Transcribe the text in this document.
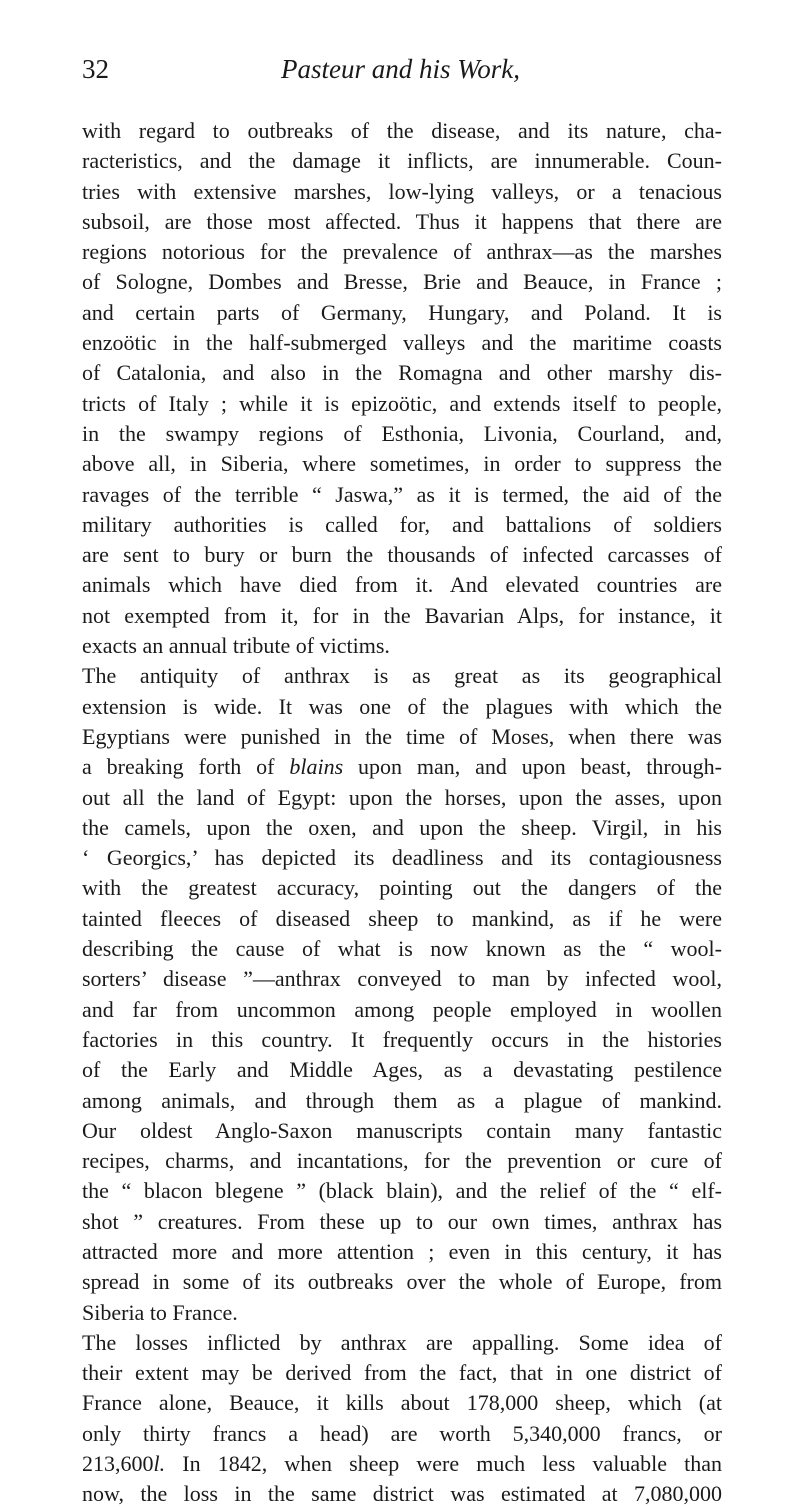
32	Pasteur and his Work,
with regard to outbreaks of the disease, and its nature, cha-
racteristics, and the damage it inflicts, are innumerable. Coun-
tries with extensive marshes, low-lying valleys, or a tenacious
subsoil, are those most affected. Thus it happens that there are
regions notorious for the prevalence of anthrax—as the marshes
of Sologne, Dombes and Bresse, Brie and Beauce, in France ;
and certain parts of Germany, Hungary, and Poland. It is
enzoötic in the half-submerged valleys and the maritime coasts
of Catalonia, and also in the Romagna and other marshy dis-
tricts of Italy ; while it is epizoötic, and extends itself to people,
in the swampy regions of Esthonia, Livonia, Courland, and,
above all, in Siberia, where sometimes, in order to suppress the
ravages of the terrible “ Jaswa,” as it is termed, the aid of the
military authorities is called for, and battalions of soldiers
are sent to bury or burn the thousands of infected carcasses of
animals which have died from it. And elevated countries are
not exempted from it, for in the Bavarian Alps, for instance, it
exacts an annual tribute of victims.
The antiquity of anthrax is as great as its geographical
extension is wide. It was one of the plagues with which the
Egyptians were punished in the time of Moses, when there was
a breaking forth of blains upon man, and upon beast, through-
out all the land of Egypt: upon the horses, upon the asses, upon
the camels, upon the oxen, and upon the sheep. Virgil, in his
‘ Georgics,’ has depicted its deadliness and its contagiousness
with the greatest accuracy, pointing out the dangers of the
tainted fleeces of diseased sheep to mankind, as if he were
describing the cause of what is now known as the “ wool-
sorters’ disease ”—anthrax conveyed to man by infected wool,
and far from uncommon among people employed in woollen
factories in this country. It frequently occurs in the histories
of the Early and Middle Ages, as a devastating pestilence
among animals, and through them as a plague of mankind.
Our oldest Anglo-Saxon manuscripts contain many fantastic
recipes, charms, and incantations, for the prevention or cure of
the “ blacon blegene ” (black blain), and the relief of the “ elf-
shot ” creatures. From these up to our own times, anthrax has
attracted more and more attention ; even in this century, it has
spread in some of its outbreaks over the whole of Europe, from
Siberia to France.
The losses inflicted by anthrax are appalling. Some idea of
their extent may be derived from the fact, that in one district of
France alone, Beauce, it kills about 178,000 sheep, which (at
only thirty francs a head) are worth 5,340,000 francs, or
213,600l. In 1842, when sheep were much less valuable than
now, the loss in the same district was estimated at 7,080,000
